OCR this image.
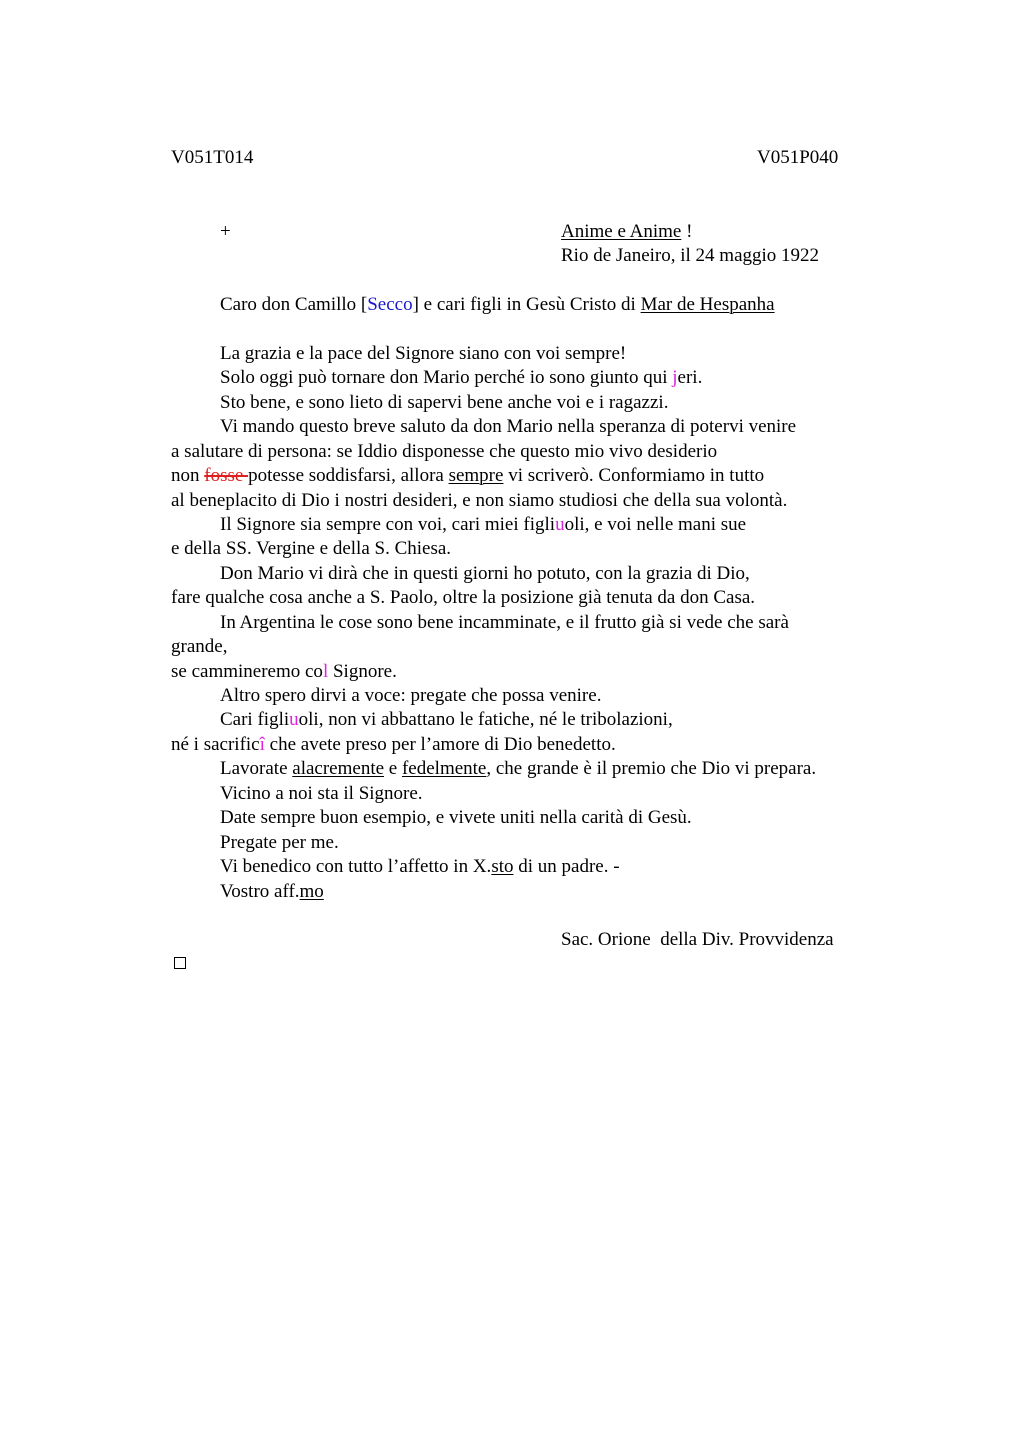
V051T014	V051P040
+	Anime e Anime !
Rio de Janeiro, il 24 maggio 1922
Caro don Camillo [Secco] e cari figli in Gesù Cristo di Mar de Hespanha
La grazia e la pace del Signore siano con voi sempre!
Solo oggi può tornare don Mario perché io sono giunto qui jeri.
Sto bene, e sono lieto di sapervi bene anche voi e i ragazzi.
Vi mando questo breve saluto da don Mario nella speranza di potervi venire
a salutare di persona: se Iddio disponesse che questo mio vivo desiderio
non fosse potesse soddisfarsi, allora sempre vi scriverò. Conformiamo in tutto
al beneplacito di Dio i nostri desideri, e non siamo studiosi che della sua volontà.
Il Signore sia sempre con voi, cari miei figliuoli, e voi nelle mani sue
e della SS. Vergine e della S. Chiesa.
Don Mario vi dirà che in questi giorni ho potuto, con la grazia di Dio,
fare qualche cosa anche a S. Paolo, oltre la posizione già tenuta da don Casa.
In Argentina le cose sono bene incamminate, e il frutto già si vede che sarà
grande,
se cammineremo col Signore.
Altro spero dirvi a voce: pregate che possa venire.
Cari figliuoli, non vi abbattano le fatiche, né le tribolazioni,
né i sacrificî che avete preso per l’amore di Dio benedetto.
Lavorate alacremente e fedelmente, che grande è il premio che Dio vi prepara.
Vicino a noi sta il Signore.
Date sempre buon esempio, e vivete uniti nella carità di Gesù.
Pregate per me.
Vi benedico con tutto l’affetto in X.sto di un padre. -
Vostro aff.mo
Sac. Orione  della Div. Provvidenza
